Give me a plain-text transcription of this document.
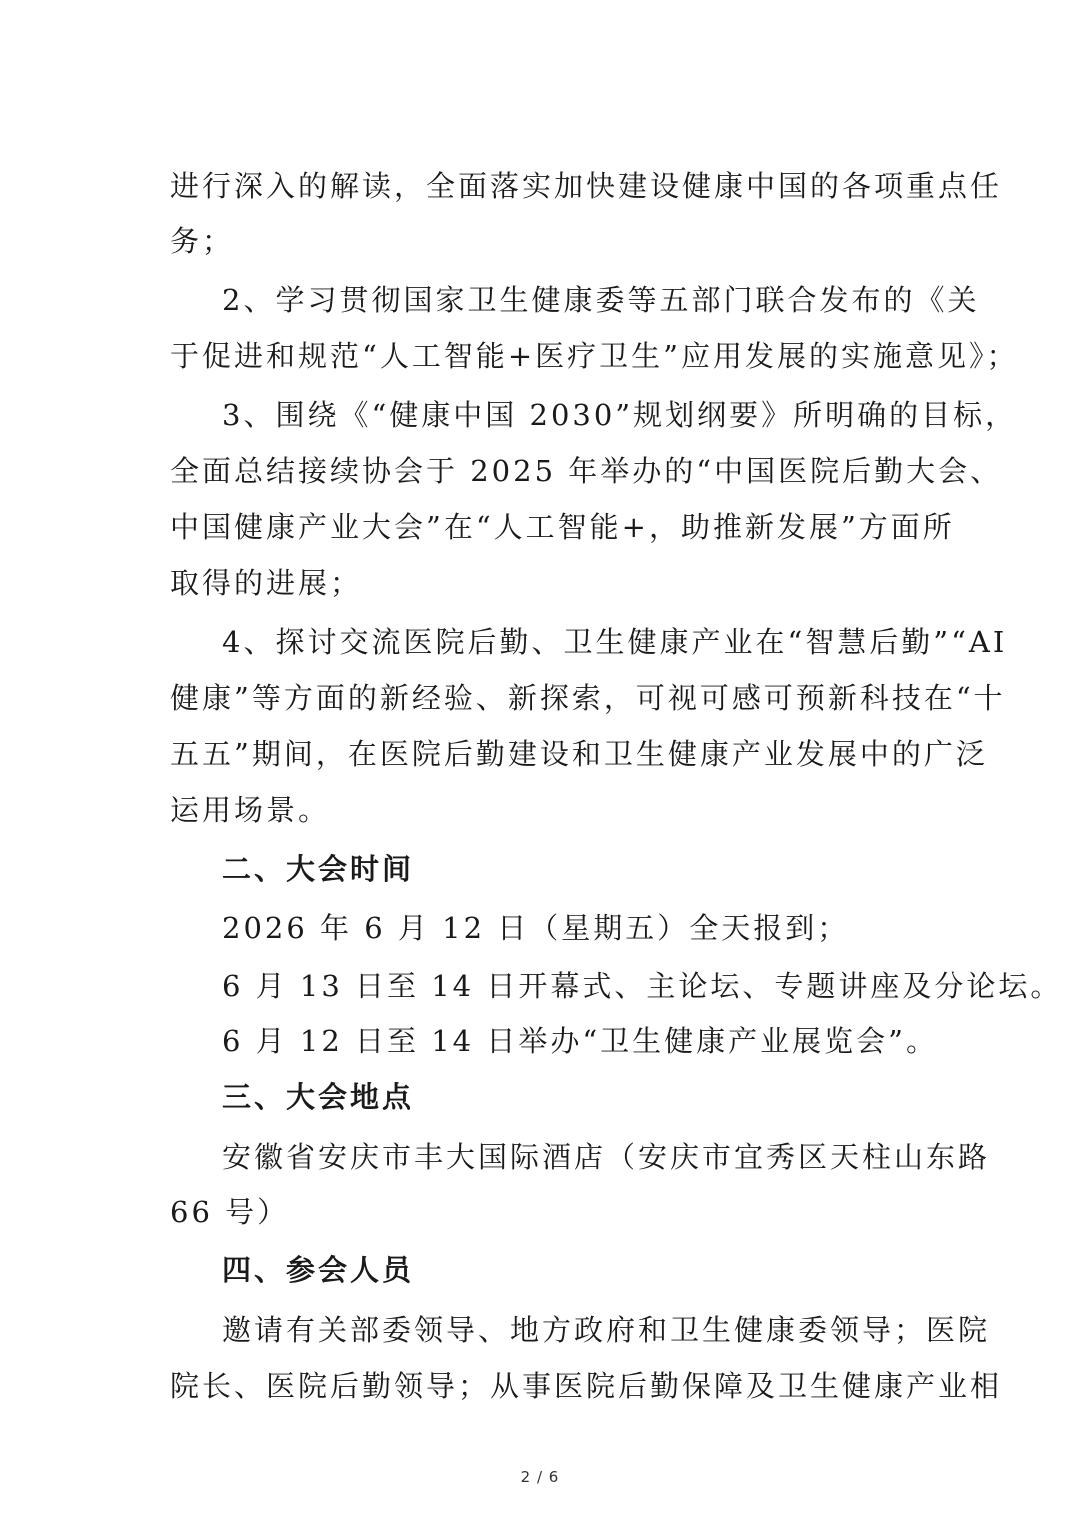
进行深入的解读，全面落实加快建设健康中国的各项重点任
务；
2、学习贯彻国家卫生健康委等五部门联合发布的《关
于促进和规范“人工智能+医疗卫生”应用发展的实施意见》；
3、围绕《“健康中国 2030”规划纲要》所明确的目标，
全面总结接续协会于 2025 年举办的“中国医院后勤大会、
中国健康产业大会”在“人工智能+，助推新发展”方面所
取得的进展；
4、探讨交流医院后勤、卫生健康产业在“智慧后勤”“AI
健康”等方面的新经验、新探索，可视可感可预新科技在“十
五五”期间，在医院后勤建设和卫生健康产业发展中的广泛
运用场景。
二、大会时间
2026 年 6 月 12 日（星期五）全天报到；
6 月 13 日至 14 日开幕式、主论坛、专题讲座及分论坛。
6 月 12 日至 14 日举办“卫生健康产业展览会”。
三、大会地点
安徽省安庆市丰大国际酒店（安庆市宜秀区天柱山东路
66 号）
四、参会人员
邀请有关部委领导、地方政府和卫生健康委领导；医院
院长、医院后勤领导；从事医院后勤保障及卫生健康产业相
2 / 6
